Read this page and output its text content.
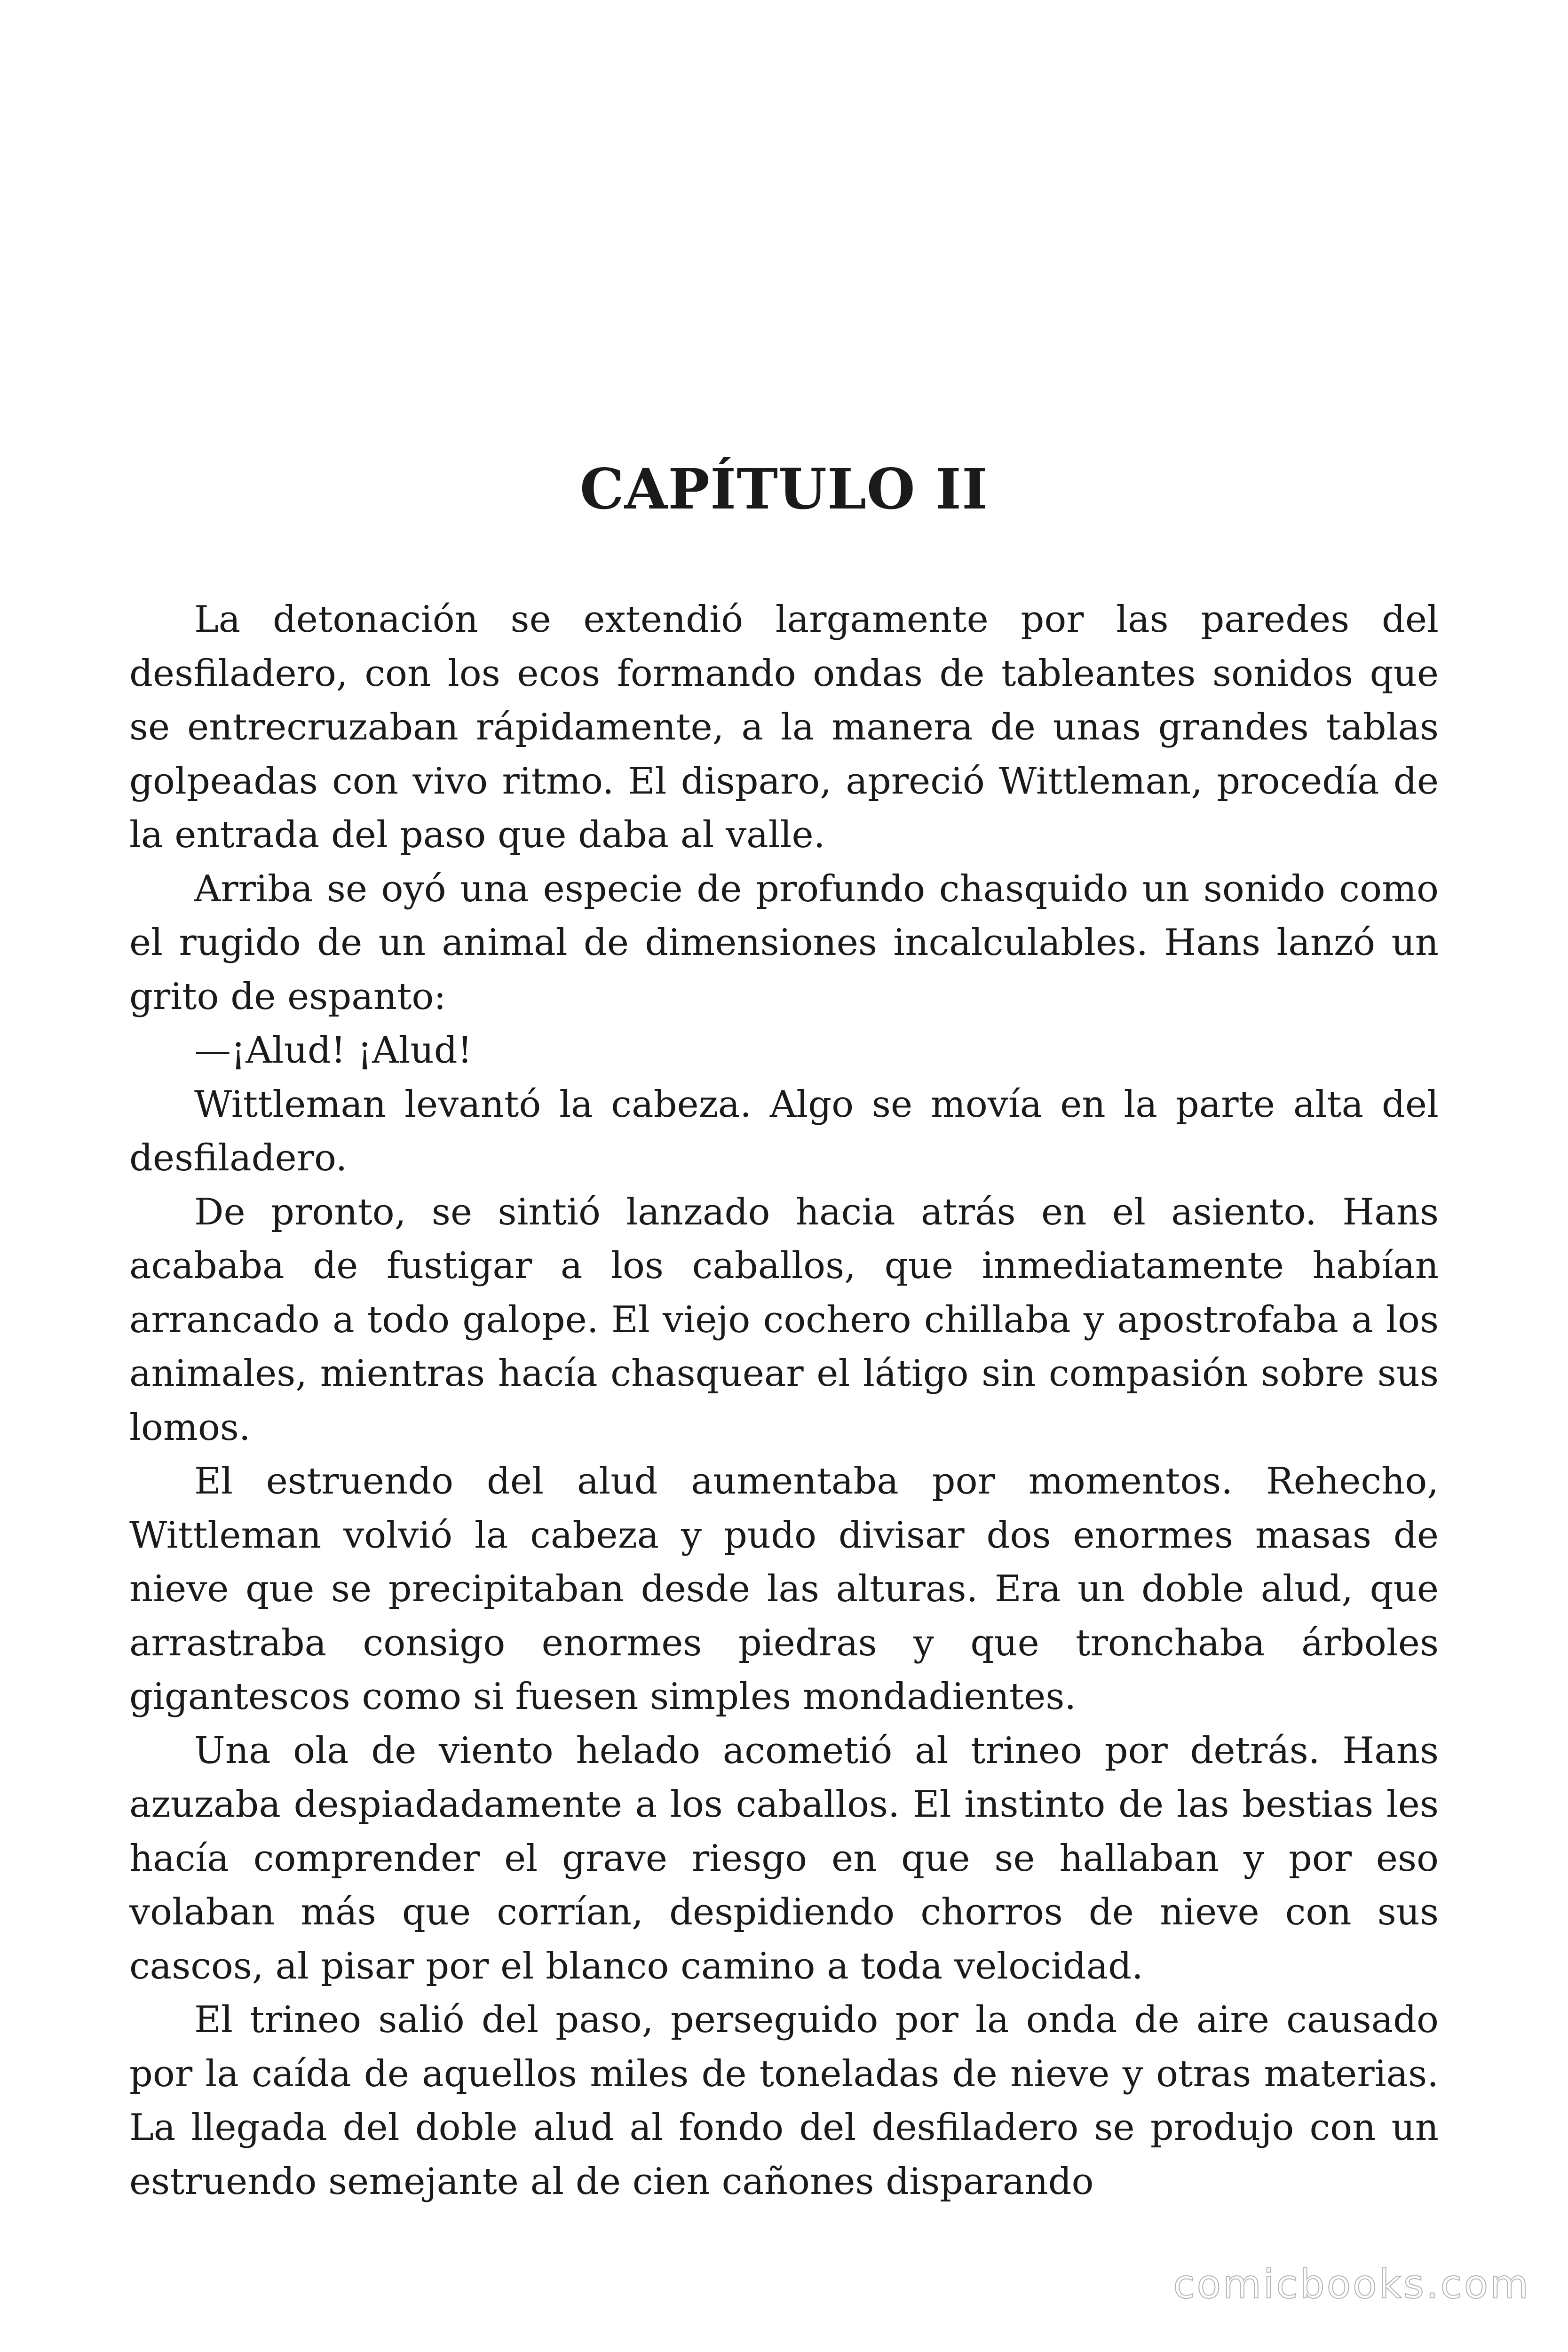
CAPÍTULO II

La detonación se extendió largamente por las paredes del desfiladero, con los ecos formando ondas de tableantes sonidos que se entrecruzaban rápidamente, a la manera de unas grandes tablas golpeadas con vivo ritmo. El disparo, apreció Wittleman, procedía de la entrada del paso que daba al valle.

Arriba se oyó una especie de profundo chasquido un sonido como el rugido de un animal de dimensiones incalculables. Hans lanzó un grito de espanto:

—¡Alud! ¡Alud!

Wittleman levantó la cabeza. Algo se movía en la parte alta del desfiladero.

De pronto, se sintió lanzado hacia atrás en el asiento. Hans acababa de fustigar a los caballos, que inmediatamente habían arrancado a todo galope. El viejo cochero chillaba y apostrofaba a los animales, mientras hacía chasquear el látigo sin compasión sobre sus lomos.

El estruendo del alud aumentaba por momentos. Rehecho, Wittleman volvió la cabeza y pudo divisar dos enormes masas de nieve que se precipitaban desde las alturas. Era un doble alud, que arrastraba consigo enormes piedras y que tronchaba árboles gigantescos como si fuesen simples mondadientes.

Una ola de viento helado acometió al trineo por detrás. Hans azuzaba despiadadamente a los caballos. El instinto de las bestias les hacía comprender el grave riesgo en que se hallaban y por eso volaban más que corrían, despidiendo chorros de nieve con sus cascos, al pisar por el blanco camino a toda velocidad.

El trineo salió del paso, perseguido por la onda de aire causado por la caída de aquellos miles de toneladas de nieve y otras materias. La llegada del doble alud al fondo del desfiladero se produjo con un estruendo semejante al de cien cañones disparando

comicbooks.com
